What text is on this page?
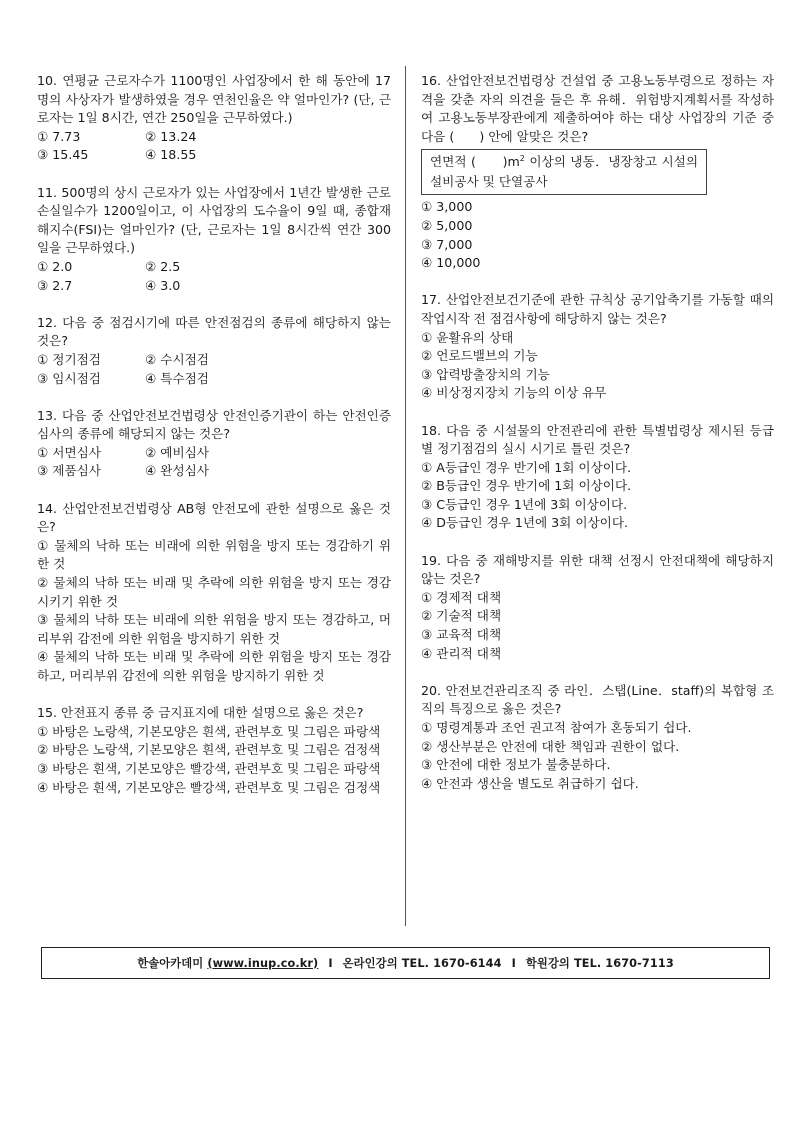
10. 연평균 근로자수가 1100명인 사업장에서 한 해 동안에 17명의 사상자가 발생하였을 경우 연천인율은 약 얼마인가? (단, 근로자는 1일 8시간, 연간 250일을 근무하였다.)

① 7.73	② 13.24
③ 15.45	④ 18.55

11. 500명의 상시 근로자가 있는 사업장에서 1년간 발생한 근로손실일수가 1200일이고, 이 사업장의 도수율이 9일 때, 종합재해지수(FSI)는 얼마인가? (단, 근로자는 1일 8시간씩 연간 300일을 근무하였다.)

① 2.0	② 2.5
③ 2.7	④ 3.0

12. 다음 중 점검시기에 따른 안전점검의 종류에 해당하지 않는 것은?

① 정기점검	② 수시점검
③ 임시점검	④ 특수점검

13. 다음 중 산업안전보건법령상 안전인증기관이 하는 안전인증 심사의 종류에 해당되지 않는 것은?

① 서면심사	② 예비심사
③ 제품심사	④ 완성심사

14. 산업안전보건법령상 AB형 안전모에 관한 설명으로 옳은 것은?

① 물체의 낙하 또는 비래에 의한 위험을 방지 또는 경감하기 위한 것
② 물체의 낙하 또는 비래 및 추락에 의한 위험을 방지 또는 경감시키기 위한 것
③ 물체의 낙하 또는 비래에 의한 위험을 방지 또는 경감하고, 머리부위 감전에 의한 위험을 방지하기 위한 것
④ 물체의 낙하 또는 비래 및 추락에 의한 위험을 방지 또는 경감하고, 머리부위 감전에 의한 위험을 방지하기 위한 것

15. 안전표지 종류 중 금지표지에 대한 설명으로 옳은 것은?

① 바탕은 노랑색, 기본모양은 흰색, 관련부호 및 그림은 파랑색
② 바탕은 노랑색, 기본모양은 흰색, 관련부호 및 그림은 검정색
③ 바탕은 흰색, 기본모양은 빨강색, 관련부호 및 그림은 파랑색
④ 바탕은 흰색, 기본모양은 빨강색, 관련부호 및 그림은 검정색

16. 산업안전보건법령상 건설업 중 고용노동부령으로 정하는 자격을 갖춘 자의 의견을 들은 후 유해．위험방지계획서를 작성하여 고용노동부장관에게 제출하여야 하는 대상 사업장의 기준 중 다음 (　　) 안에 알맞은 것은?

연면적 (　　)$m^2$ 이상의 냉동．냉장창고 시설의 설비공사 및 단열공사
① 3,000
② 5,000
③ 7,000
④ 10,000

17. 산업안전보건기준에 관한 규칙상 공기압축기를 가동할 때의 작업시작 전 점검사항에 해당하지 않는 것은?

① 윤활유의 상태
② 언로드밸브의 기능
③ 압력방출장치의 기능
④ 비상정지장치 기능의 이상 유무

18. 다음 중 시설물의 안전관리에 관한 특별법령상 제시된 등급별 정기점검의 실시 시기로 틀린 것은?

① A등급인 경우 반기에 1회 이상이다.
② B등급인 경우 반기에 1회 이상이다.
③ C등급인 경우 1년에 3회 이상이다.
④ D등급인 경우 1년에 3회 이상이다.

19. 다음 중 재해방지를 위한 대책 선정시 안전대책에 해당하지 않는 것은?

① 경제적 대책
② 기술적 대책
③ 교육적 대책
④ 관리적 대책

20. 안전보건관리조직 중 라인．스탭(Line．staff)의 복합형 조직의 특징으로 옳은 것은?

① 명령계통과 조언 권고적 참여가 혼동되기 쉽다.
② 생산부분은 안전에 대한 책임과 권한이 없다.
③ 안전에 대한 정보가 불충분하다.
④ 안전과 생산을 별도로 취급하기 쉽다.
한솔아카데미
(www.inup.co.kr) I 온라인강의 TEL. 1670-6144 I 학원강의 TEL. 1670-7113
